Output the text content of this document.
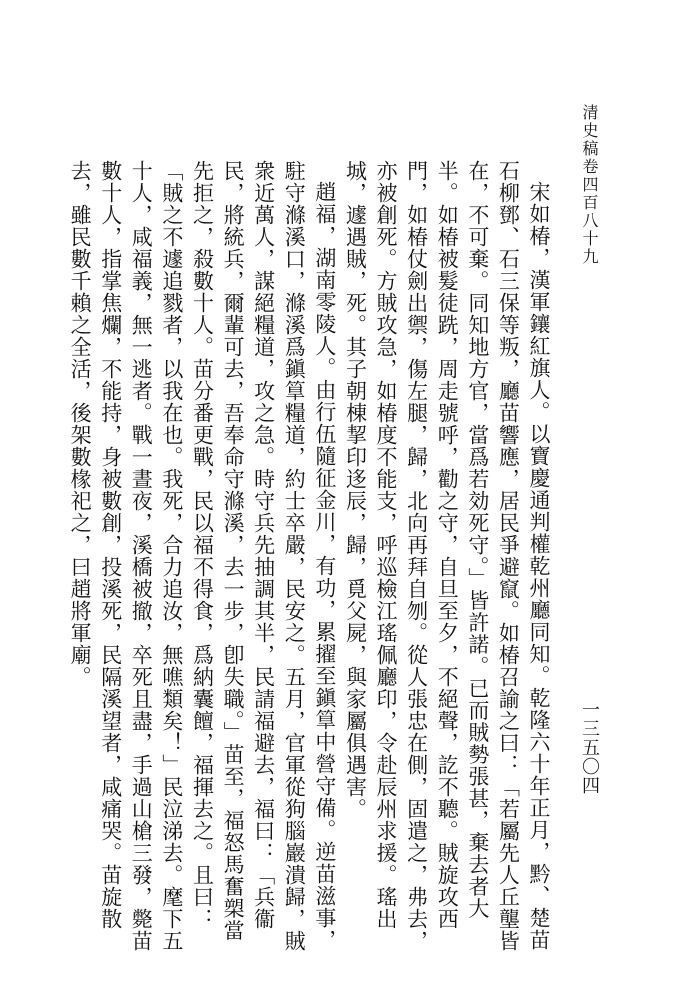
清史稿卷四百八十九
一三五〇四

宋如椿，漢軍鑲紅旗人。以寶慶通判權乾州廳同知。乾隆六十年正月，黔、楚苗石柳鄧、石三保等叛，廳苗響應，居民爭避竄。如椿召諭之曰：「若屬先人丘壟皆在，不可棄。同知地方官，當爲若効死守。」皆許諾。已而賊勢張甚，棄去者大半。如椿被髮徒跣，周走號呼，勸之守，自旦至夕，不絕聲，訖不聽。賊旋攻西門，如椿仗劍出禦，傷左腿，歸，北向再拜自刎。從人張忠在側，固遣之，弗去，亦被創死。方賊攻急，如椿度不能支，呼巡檢江瑤佩廳印，令赴辰州求援。瑤出城，遽遇賊，死。其子朝棟挈印迻辰，歸，覓父屍，與家屬俱遇害。

趙福，湖南零陵人。由行伍隨征金川，有功，累擢至鎭筸中營守備。逆苗滋事，駐守滌溪口，滌溪爲鎭筸糧道，約士卒嚴，民安之。五月，官軍從狗腦巖潰歸，賊衆近萬人，謀絕糧道，攻之急。時守兵先抽調其半，民請福避去，福曰：「兵衞民，將統兵，爾輩可去，吾奉命守滌溪，去一步，卽失職。」苗至，福怒馬奮槊當先拒之，殺數十人。苗分番更戰，民以福不得食，爲納囊饘，福揮去之。且曰：「賊之不遽追戮者，以我在也。我死，合力追汝，無噍類矣！」民泣涕去。麾下五十人，咸福義，無一逃者。戰一晝夜，溪橋被撤，卒死且盡，手過山槍三發，斃苗數十人，指掌焦爛，不能持，身被數創，投溪死，民隔溪望者，咸痛哭。苗旋散去，雖民數千賴之全活，後架數椽祀之，曰趙將軍廟。
